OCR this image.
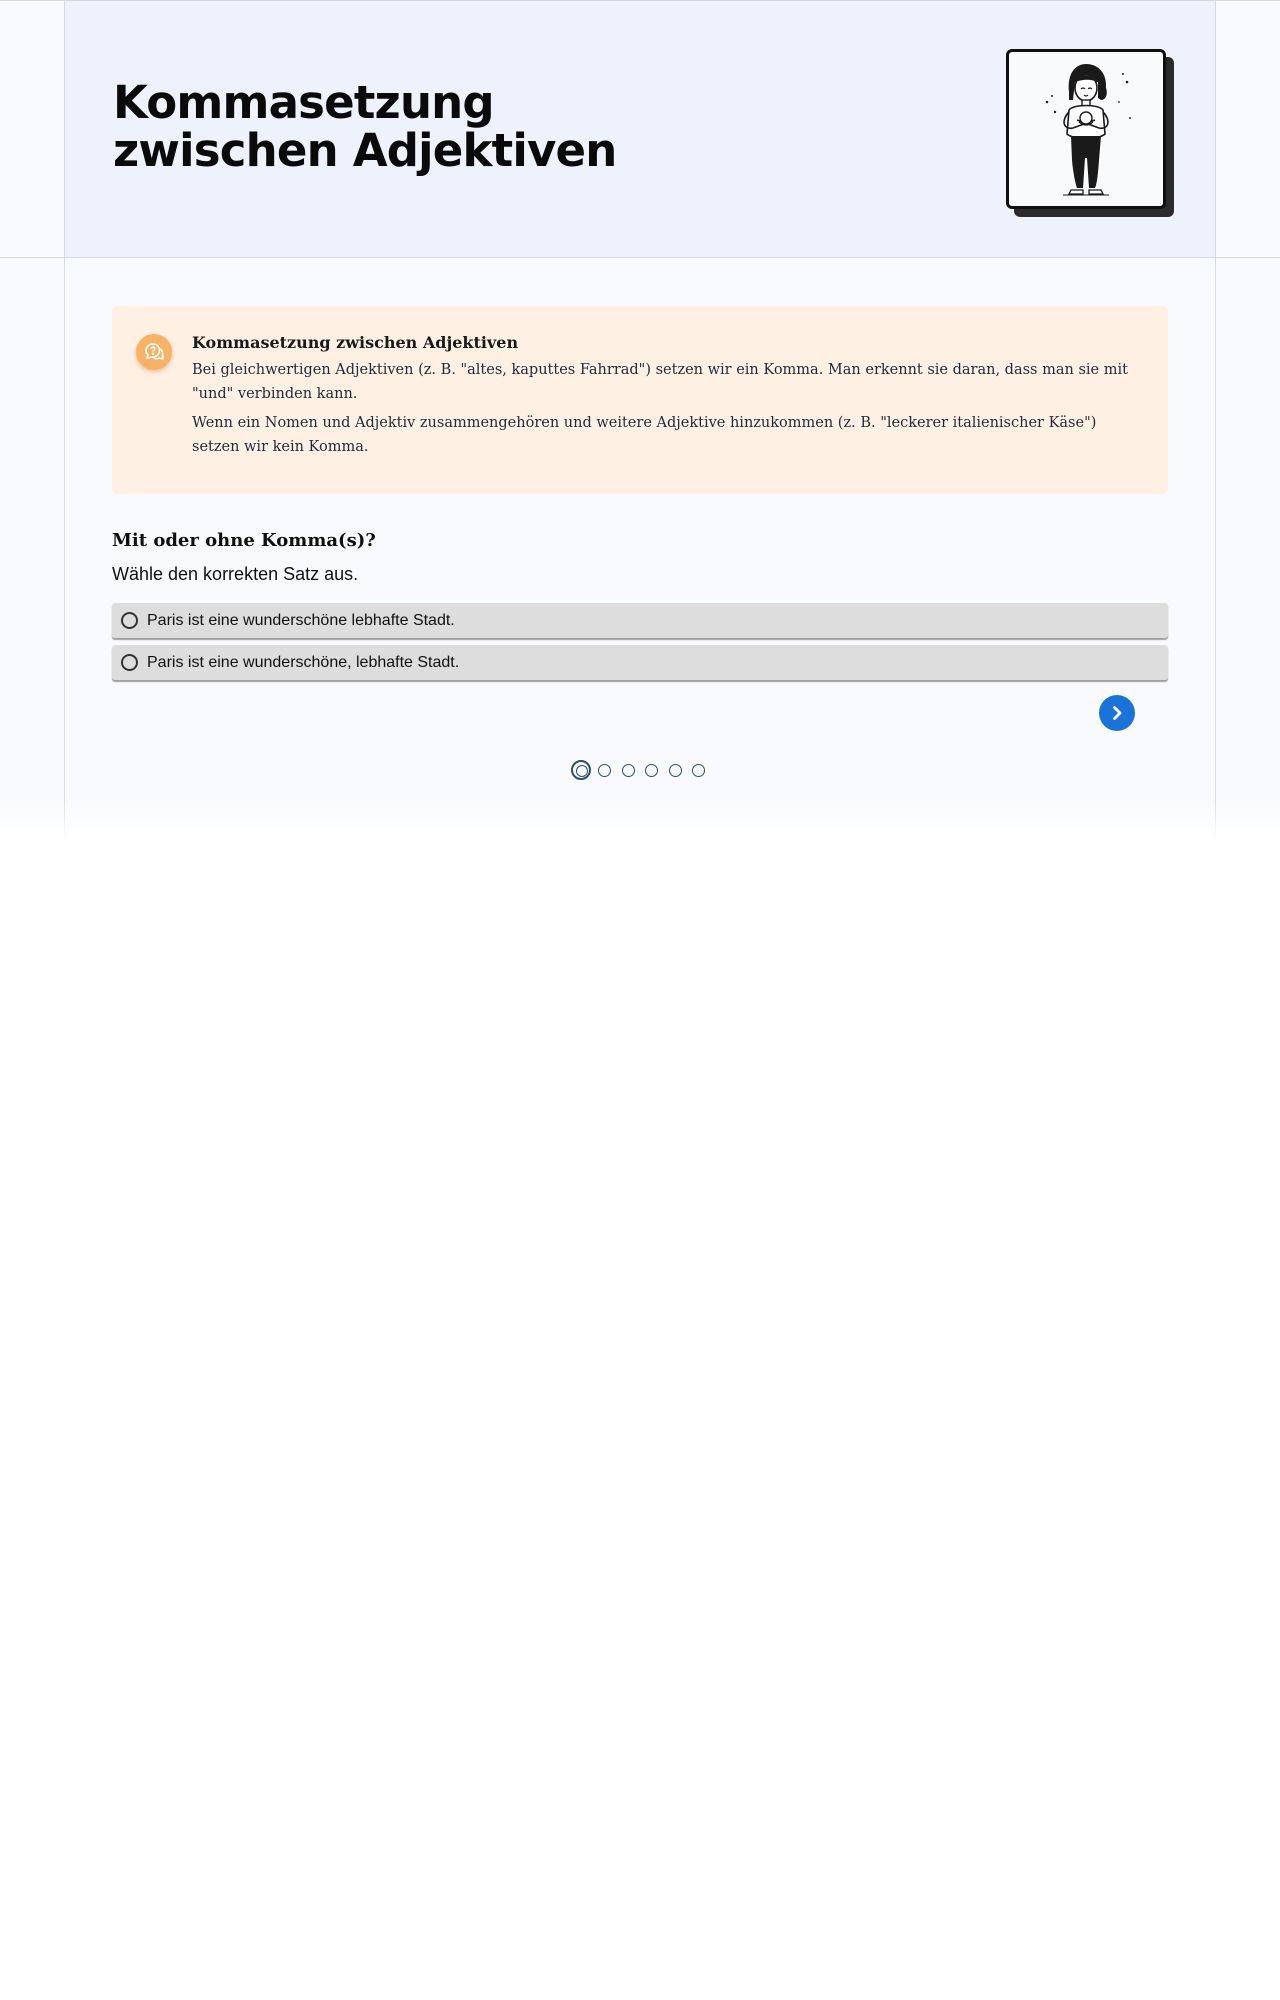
Kommasetzung zwischen Adjektiven
Kommasetzung zwischen Adjektiven

Bei gleichwertigen Adjektiven (z. B. "altes, kaputtes Fahrrad") setzen wir ein Komma. Man erkennt sie daran, dass man sie mit "und" verbinden kann.

Wenn ein Nomen und Adjektiv zusammengehören und weitere Adjektive hinzukommen (z. B. "leckerer italienischer Käse") setzen wir kein Komma.

Mit oder ohne Komma(s)?

Wähle den korrekten Satz aus.

Paris ist eine wunderschöne lebhafte Stadt.
Paris ist eine wunderschöne, lebhafte Stadt.
